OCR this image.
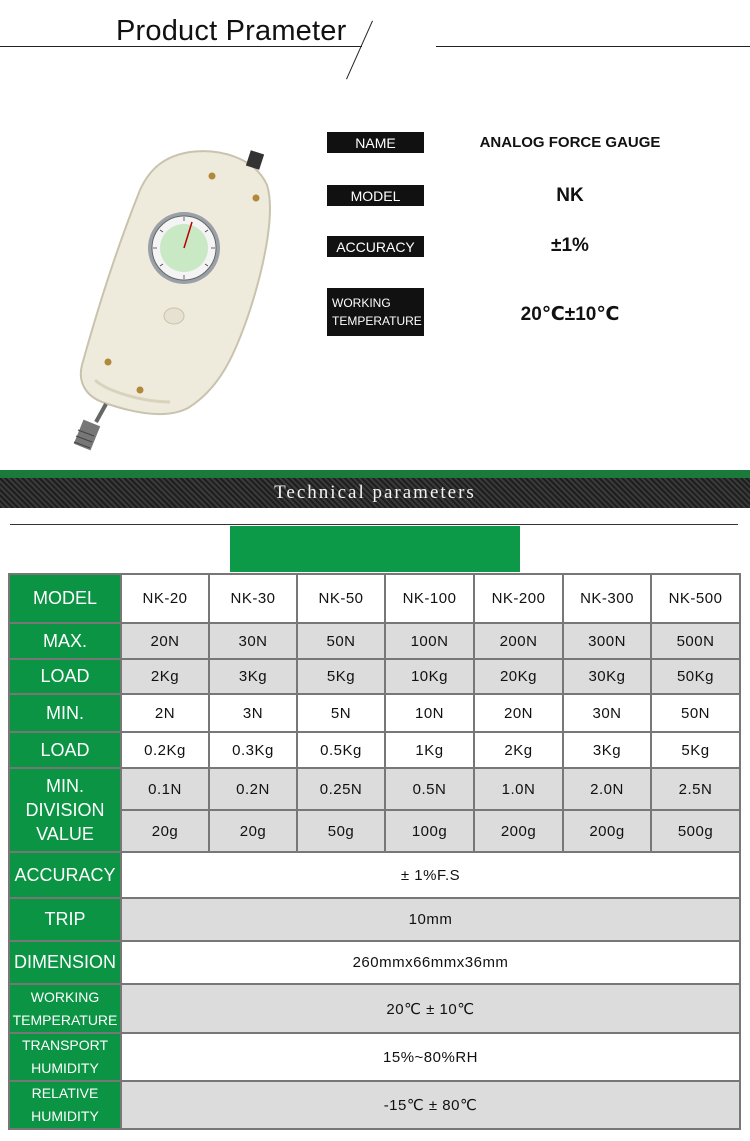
Product Prameter
NAME	ANALOG FORCE GAUGE
MODEL	NK
ACCURACY	±1%
WORKING
TEMPERATURE	20℃±10℃
Technical parameters
MODEL	NK-20	NK-30	NK-50	NK-100	NK-200	NK-300	NK-500
MAX.	20N	30N	50N	100N	200N	300N	500N
LOAD	2Kg	3Kg	5Kg	10Kg	20Kg	30Kg	50Kg
MIN.	2N	3N	5N	10N	20N	30N	50N
LOAD	0.2Kg	0.3Kg	0.5Kg	1Kg	2Kg	3Kg	5Kg

MIN.
DIVISION
VALUE	0.1N	0.2N	0.25N	0.5N	1.0N	2.0N	2.5N
	20g	20g	50g	100g	200g	200g	500g
ACCURACY	± 1%F.S						
TRIP	10mm						
DIMENSION	260mmx66mmx36mm						

WORKING
TEMPERATURE	20℃ ± 10℃						

TRANSPORT
HUMIDITY	15%~80%RH						

RELATIVE
HUMIDITY	-15℃ ± 80℃						
